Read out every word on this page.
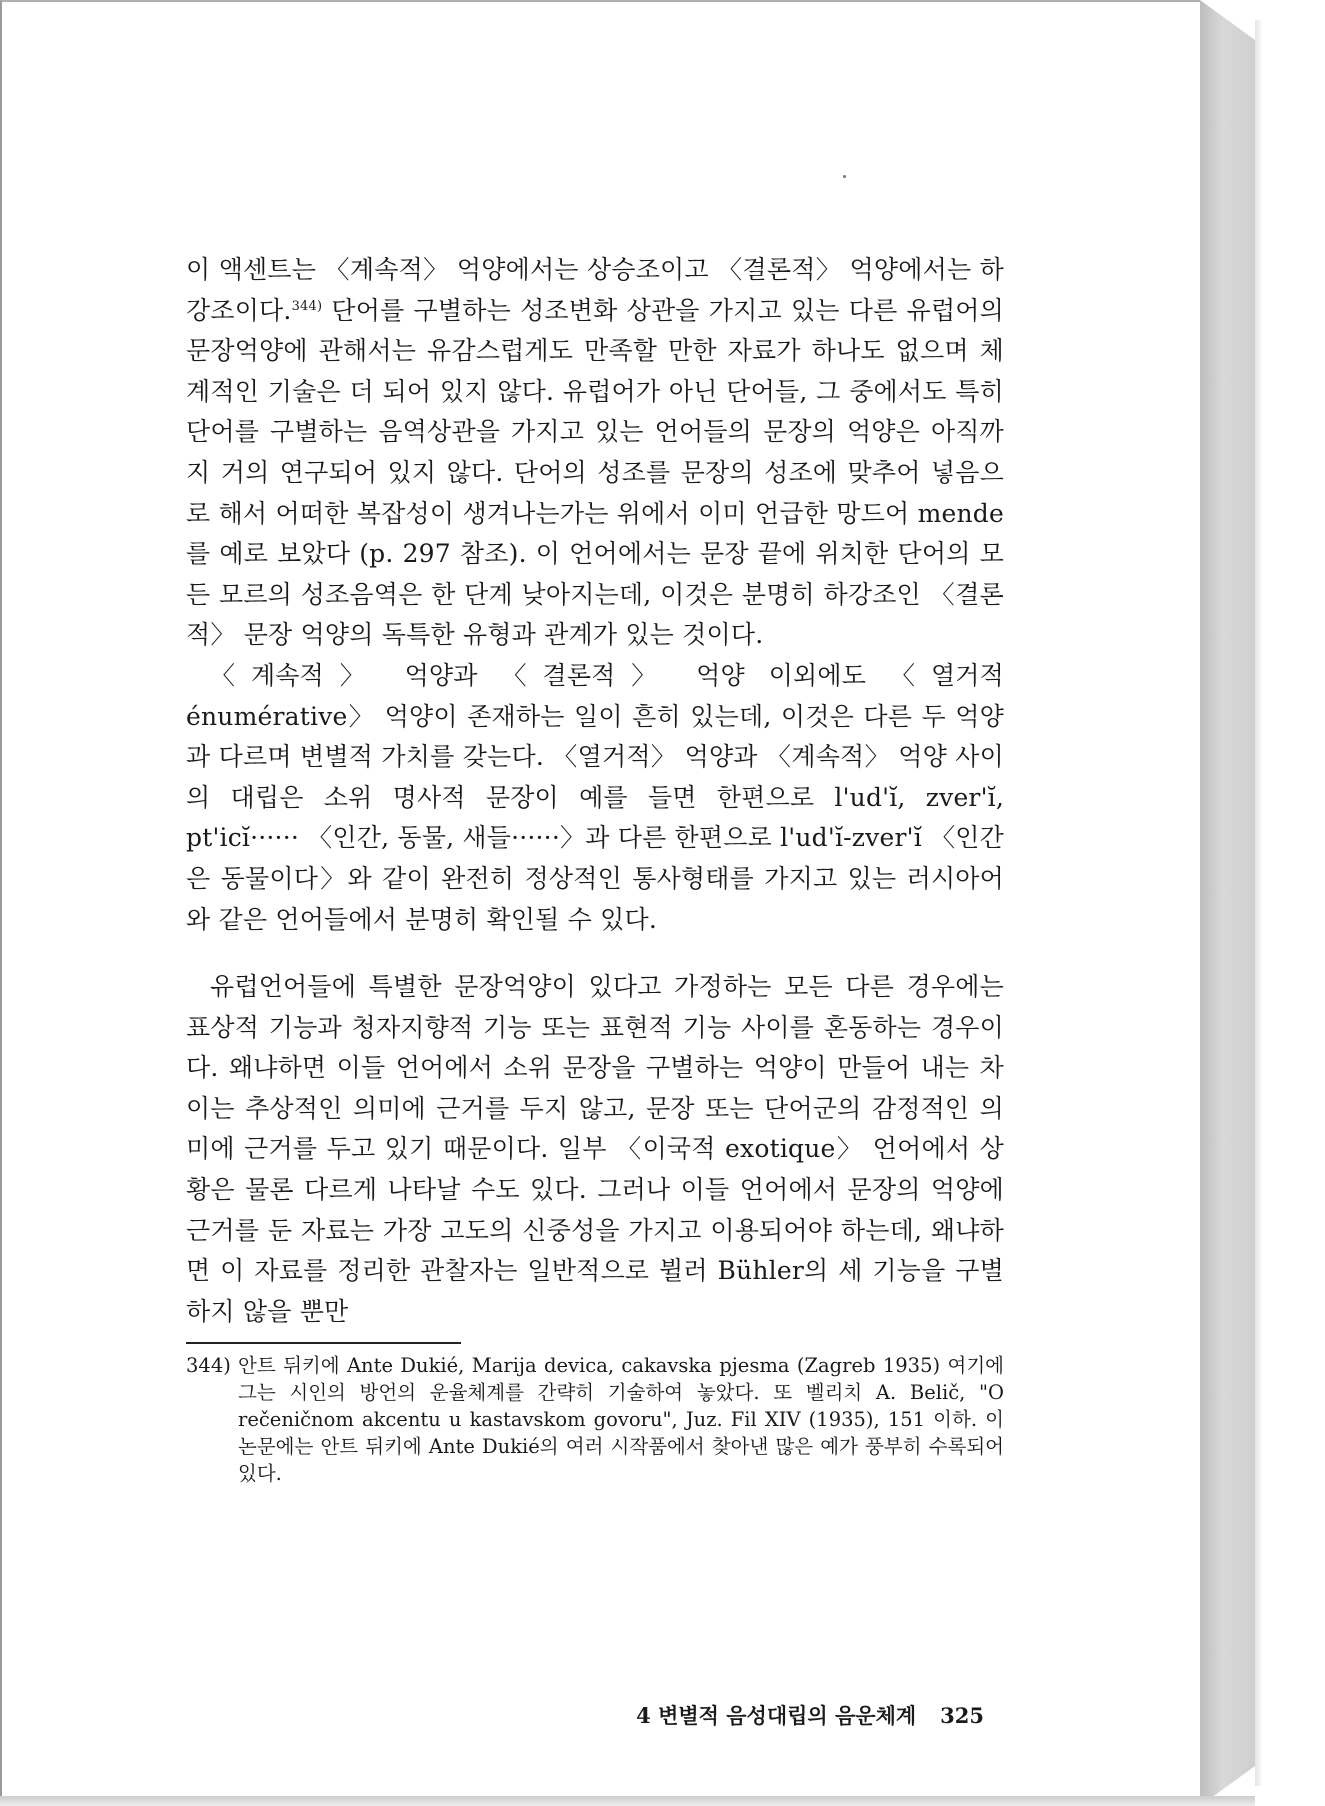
이 액센트는 〈계속적〉 억양에서는 상승조이고 〈결론적〉 억양에서는 하강조이다.$^{344)}$ 단어를 구별하는 성조변화 상관을 가지고 있는 다른 유럽어의 문장억양에 관해서는 유감스럽게도 만족할 만한 자료가 하나도 없으며 체계적인 기술은 더 되어 있지 않다. 유럽어가 아닌 단어들, 그 중에서도 특히 단어를 구별하는 음역상관을 가지고 있는 언어들의 문장의 억양은 아직까지 거의 연구되어 있지 않다. 단어의 성조를 문장의 성조에 맞추어 넣음으로 해서 어떠한 복잡성이 생겨나는가는 위에서 이미 언급한 망드어 mende를 예로 보았다 (p. 297 참조). 이 언어에서는 문장 끝에 위치한 단어의 모든 모르의 성조음역은 한 단계 낮아지는데, 이것은 분명히 하강조인 〈결론적〉 문장 억양의 독특한 유형과 관계가 있는 것이다.

〈계속적〉 억양과 〈결론적〉 억양 이외에도 〈열거적 énumérative〉 억양이 존재하는 일이 흔히 있는데, 이것은 다른 두 억양과 다르며 변별적 가치를 갖는다. 〈열거적〉 억양과 〈계속적〉 억양 사이의 대립은 소위 명사적 문장이 예를 들면 한편으로 l'ud'ĭ, zver'ĭ, pt'icĭ······ 〈인간, 동물, 새들······〉과 다른 한편으로 l'ud'ĭ-zver'ĭ 〈인간은 동물이다〉와 같이 완전히 정상적인 통사형태를 가지고 있는 러시아어와 같은 언어들에서 분명히 확인될 수 있다.

유럽언어들에 특별한 문장억양이 있다고 가정하는 모든 다른 경우에는 표상적 기능과 청자지향적 기능 또는 표현적 기능 사이를 혼동하는 경우이다. 왜냐하면 이들 언어에서 소위 문장을 구별하는 억양이 만들어 내는 차이는 추상적인 의미에 근거를 두지 않고, 문장 또는 단어군의 감정적인 의미에 근거를 두고 있기 때문이다. 일부 〈이국적 exotique〉 언어에서 상황은 물론 다르게 나타날 수도 있다. 그러나 이들 언어에서 문장의 억양에 근거를 둔 자료는 가장 고도의 신중성을 가지고 이용되어야 하는데, 왜냐하면 이 자료를 정리한 관찰자는 일반적으로 뷜러 Bühler의 세 기능을 구별하지 않을 뿐만

344) 안트 뒤키에 Ante Dukié, Marija devica, cakavska pjesma (Zagreb 1935) 여기에 그는 시인의 방언의 운율체계를 간략히 기술하여 놓았다. 또 벨리치 A. Belič, "O rečeničnom akcentu u kastavskom govoru", Juz. Fil XIV (1935), 151 이하. 이 논문에는 안트 뒤키에 Ante Dukié의 여러 시작품에서 찾아낸 많은 예가 풍부히 수록되어 있다.
4 변별적 음성대립의 음운체계 325
